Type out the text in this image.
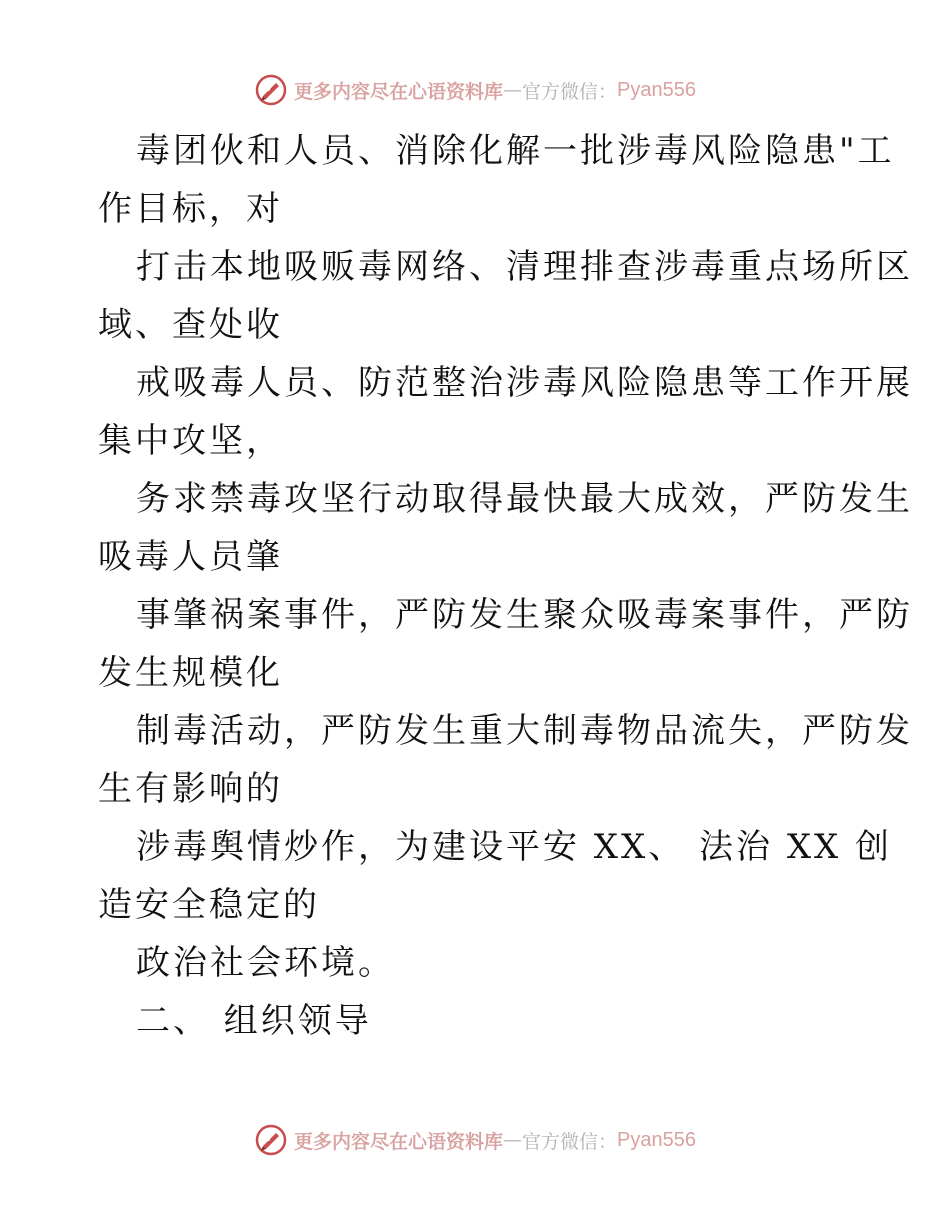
更多内容尽在心语资料库 — 官方微信： Pyan556
毒团伙和人员、消除化解一批涉毒风险隐患"工
作目标，对
打击本地吸贩毒网络、清理排查涉毒重点场所区
域、查处收
戒吸毒人员、防范整治涉毒风险隐患等工作开展
集中攻坚，
务求禁毒攻坚行动取得最快最大成效，严防发生
吸毒人员肇
事肇祸案事件，严防发生聚众吸毒案事件，严防
发生规模化
制毒活动，严防发生重大制毒物品流失，严防发
生有影响的
涉毒舆情炒作，为建设平安 XX、 法治 XX 创
造安全稳定的
政治社会环境。
二、 组织领导
更多内容尽在心语资料库 — 官方微信： Pyan556
